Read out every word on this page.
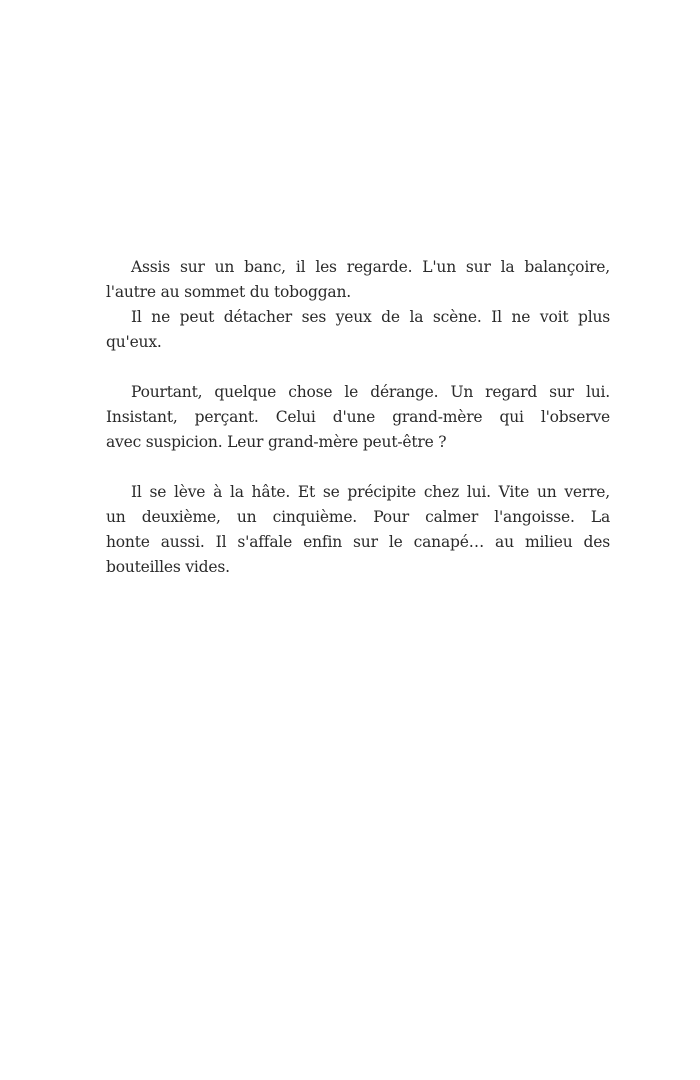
Assis sur un banc, il les regarde. L'un sur la balançoire,
l'autre au sommet du toboggan.

Il ne peut détacher ses yeux de la scène. Il ne voit plus
qu'eux.

Pourtant, quelque chose le dérange. Un regard sur lui.
Insistant, perçant. Celui d'une grand-mère qui l'observe
avec suspicion. Leur grand-mère peut-être ?

Il se lève à la hâte. Et se précipite chez lui. Vite un verre,
un deuxième, un cinquième. Pour calmer l'angoisse. La
honte aussi. Il s'affale enfin sur le canapé… au milieu des
bouteilles vides.
